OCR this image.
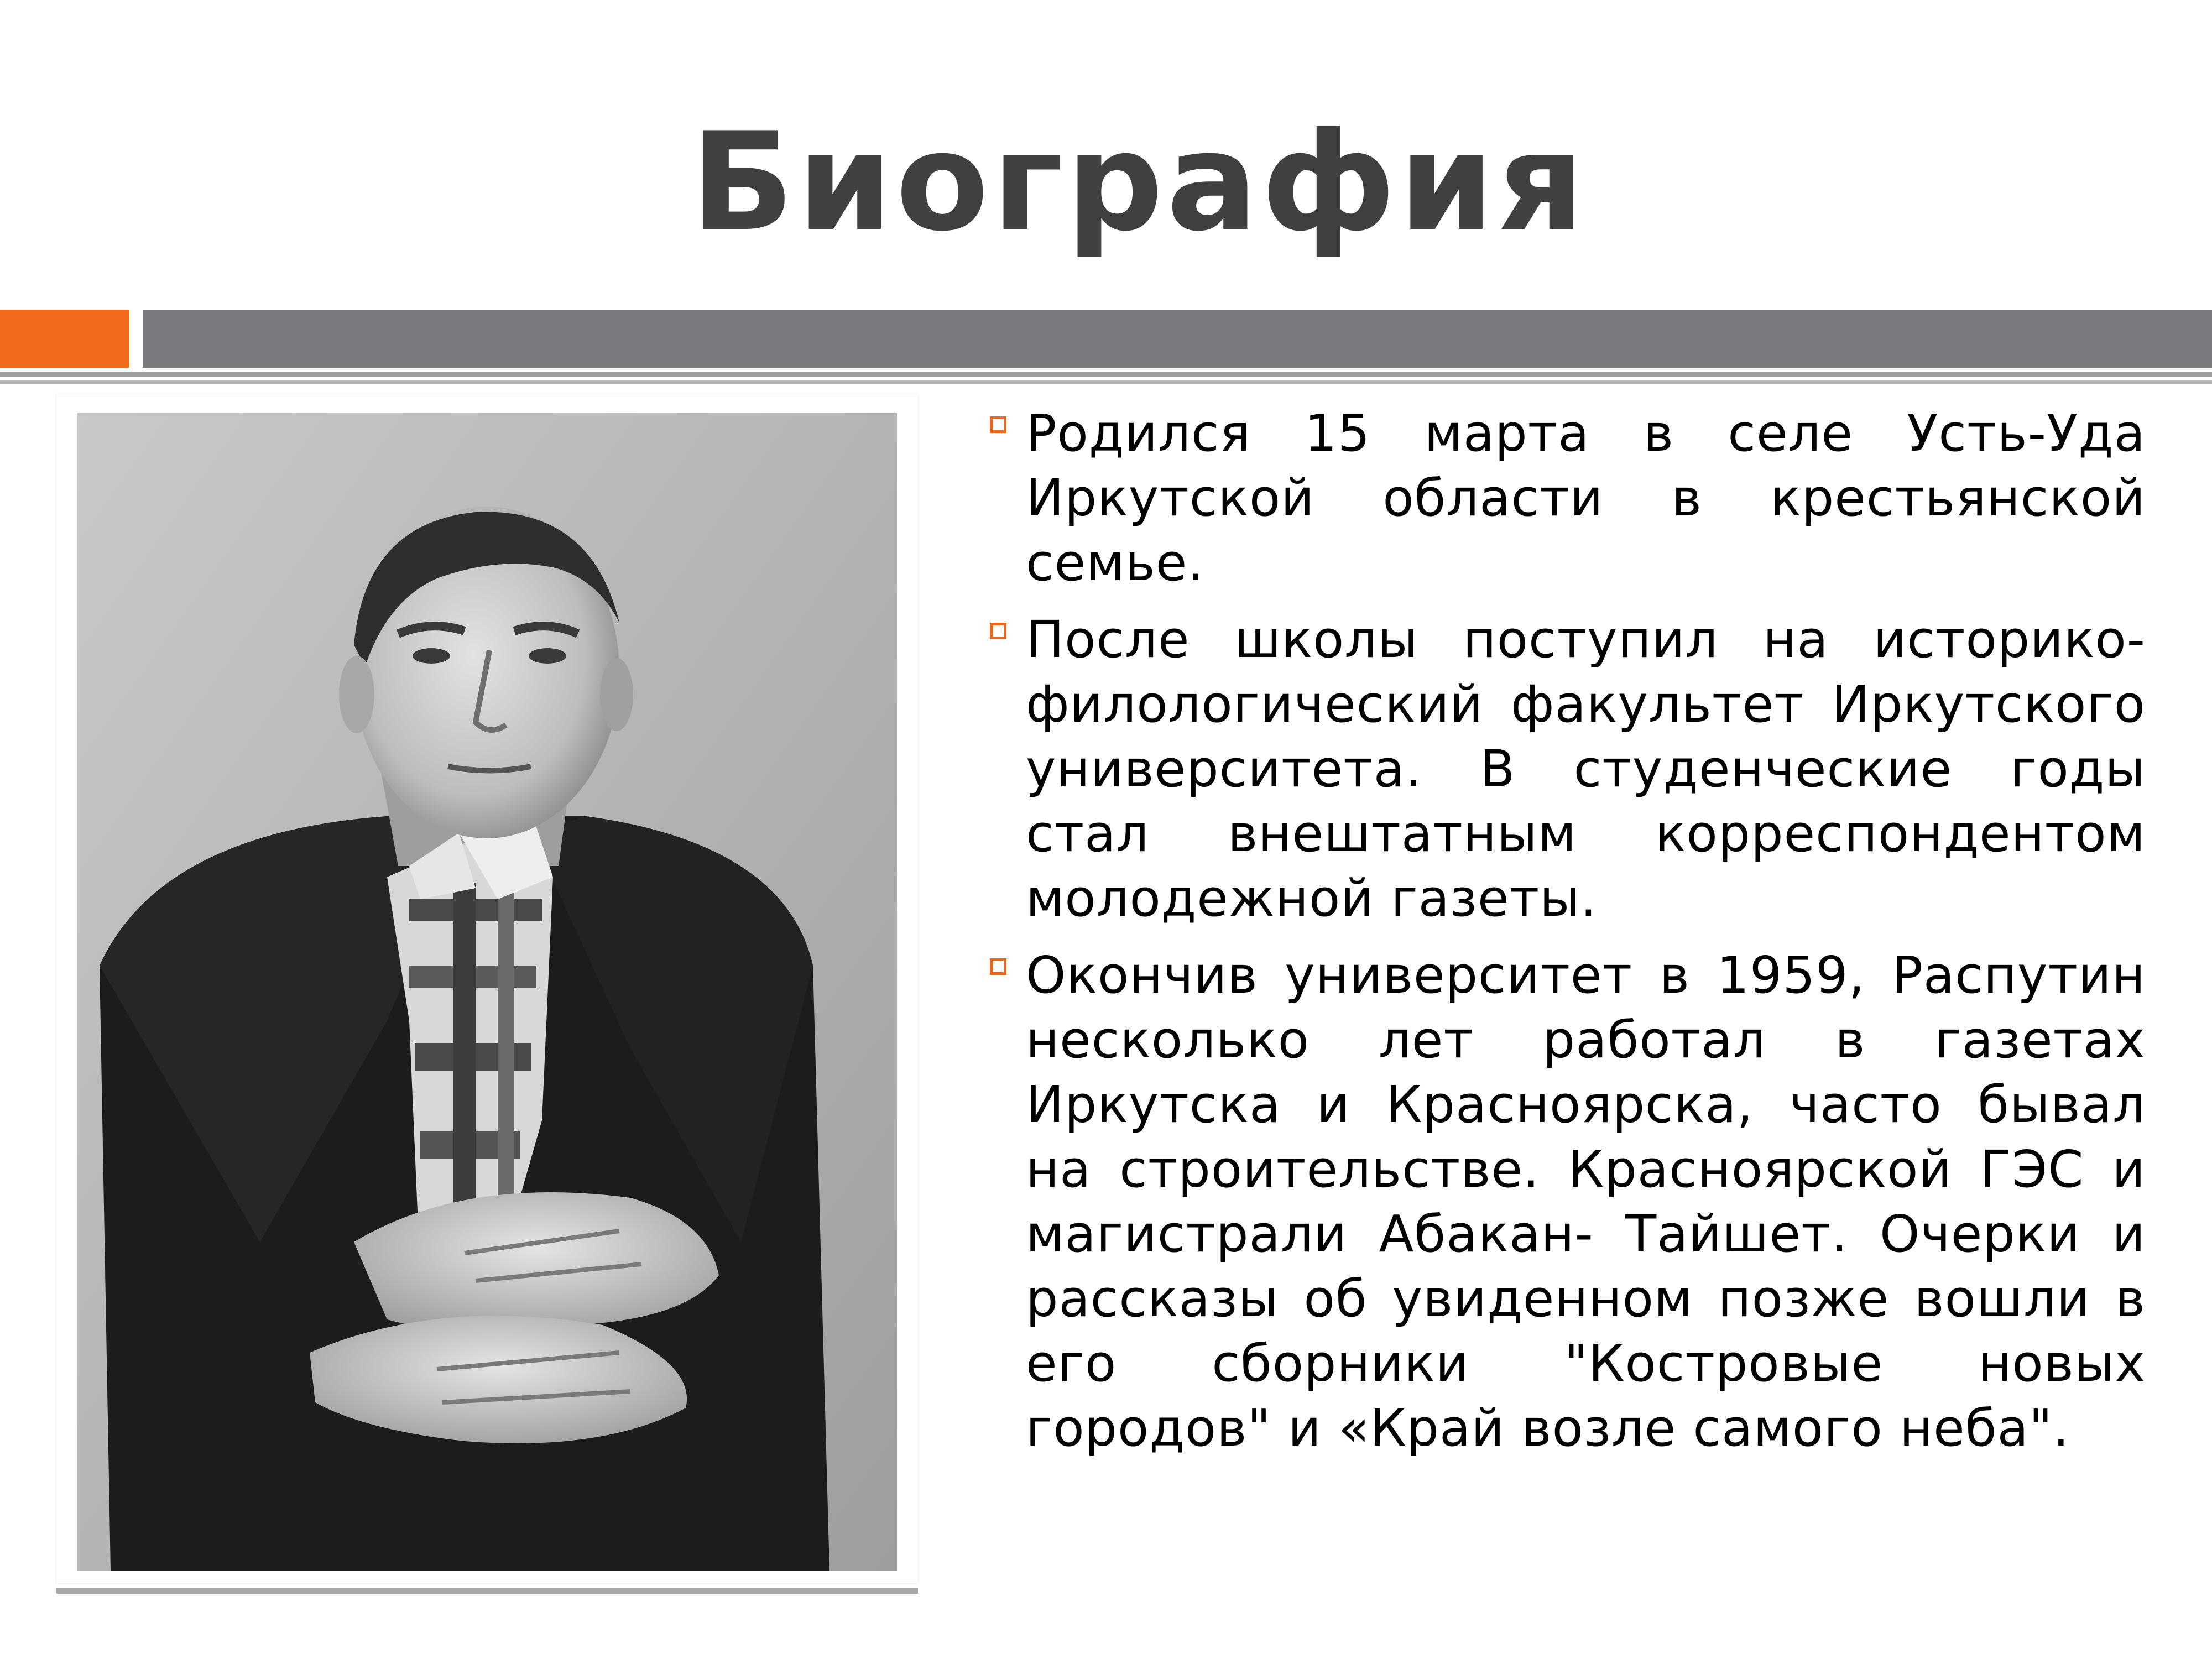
Биография
Родился 15 марта в селе Усть-Уда Иркутской области в крестьянской семье.
После школы поступил на историко-филологический факультет Иркутского университета. В студенческие годы стал внештатным корреспондентом молодежной газеты.
Окончив университет в 1959, Распутин несколько лет работал в газетах Иркутска и Красноярска, часто бывал на строительстве. Красноярской ГЭС и магистрали Абакан- Тайшет. Очерки и рассказы об увиденном позже вошли в его сборники "Костровые новых городов" и «Край возле самого неба".
